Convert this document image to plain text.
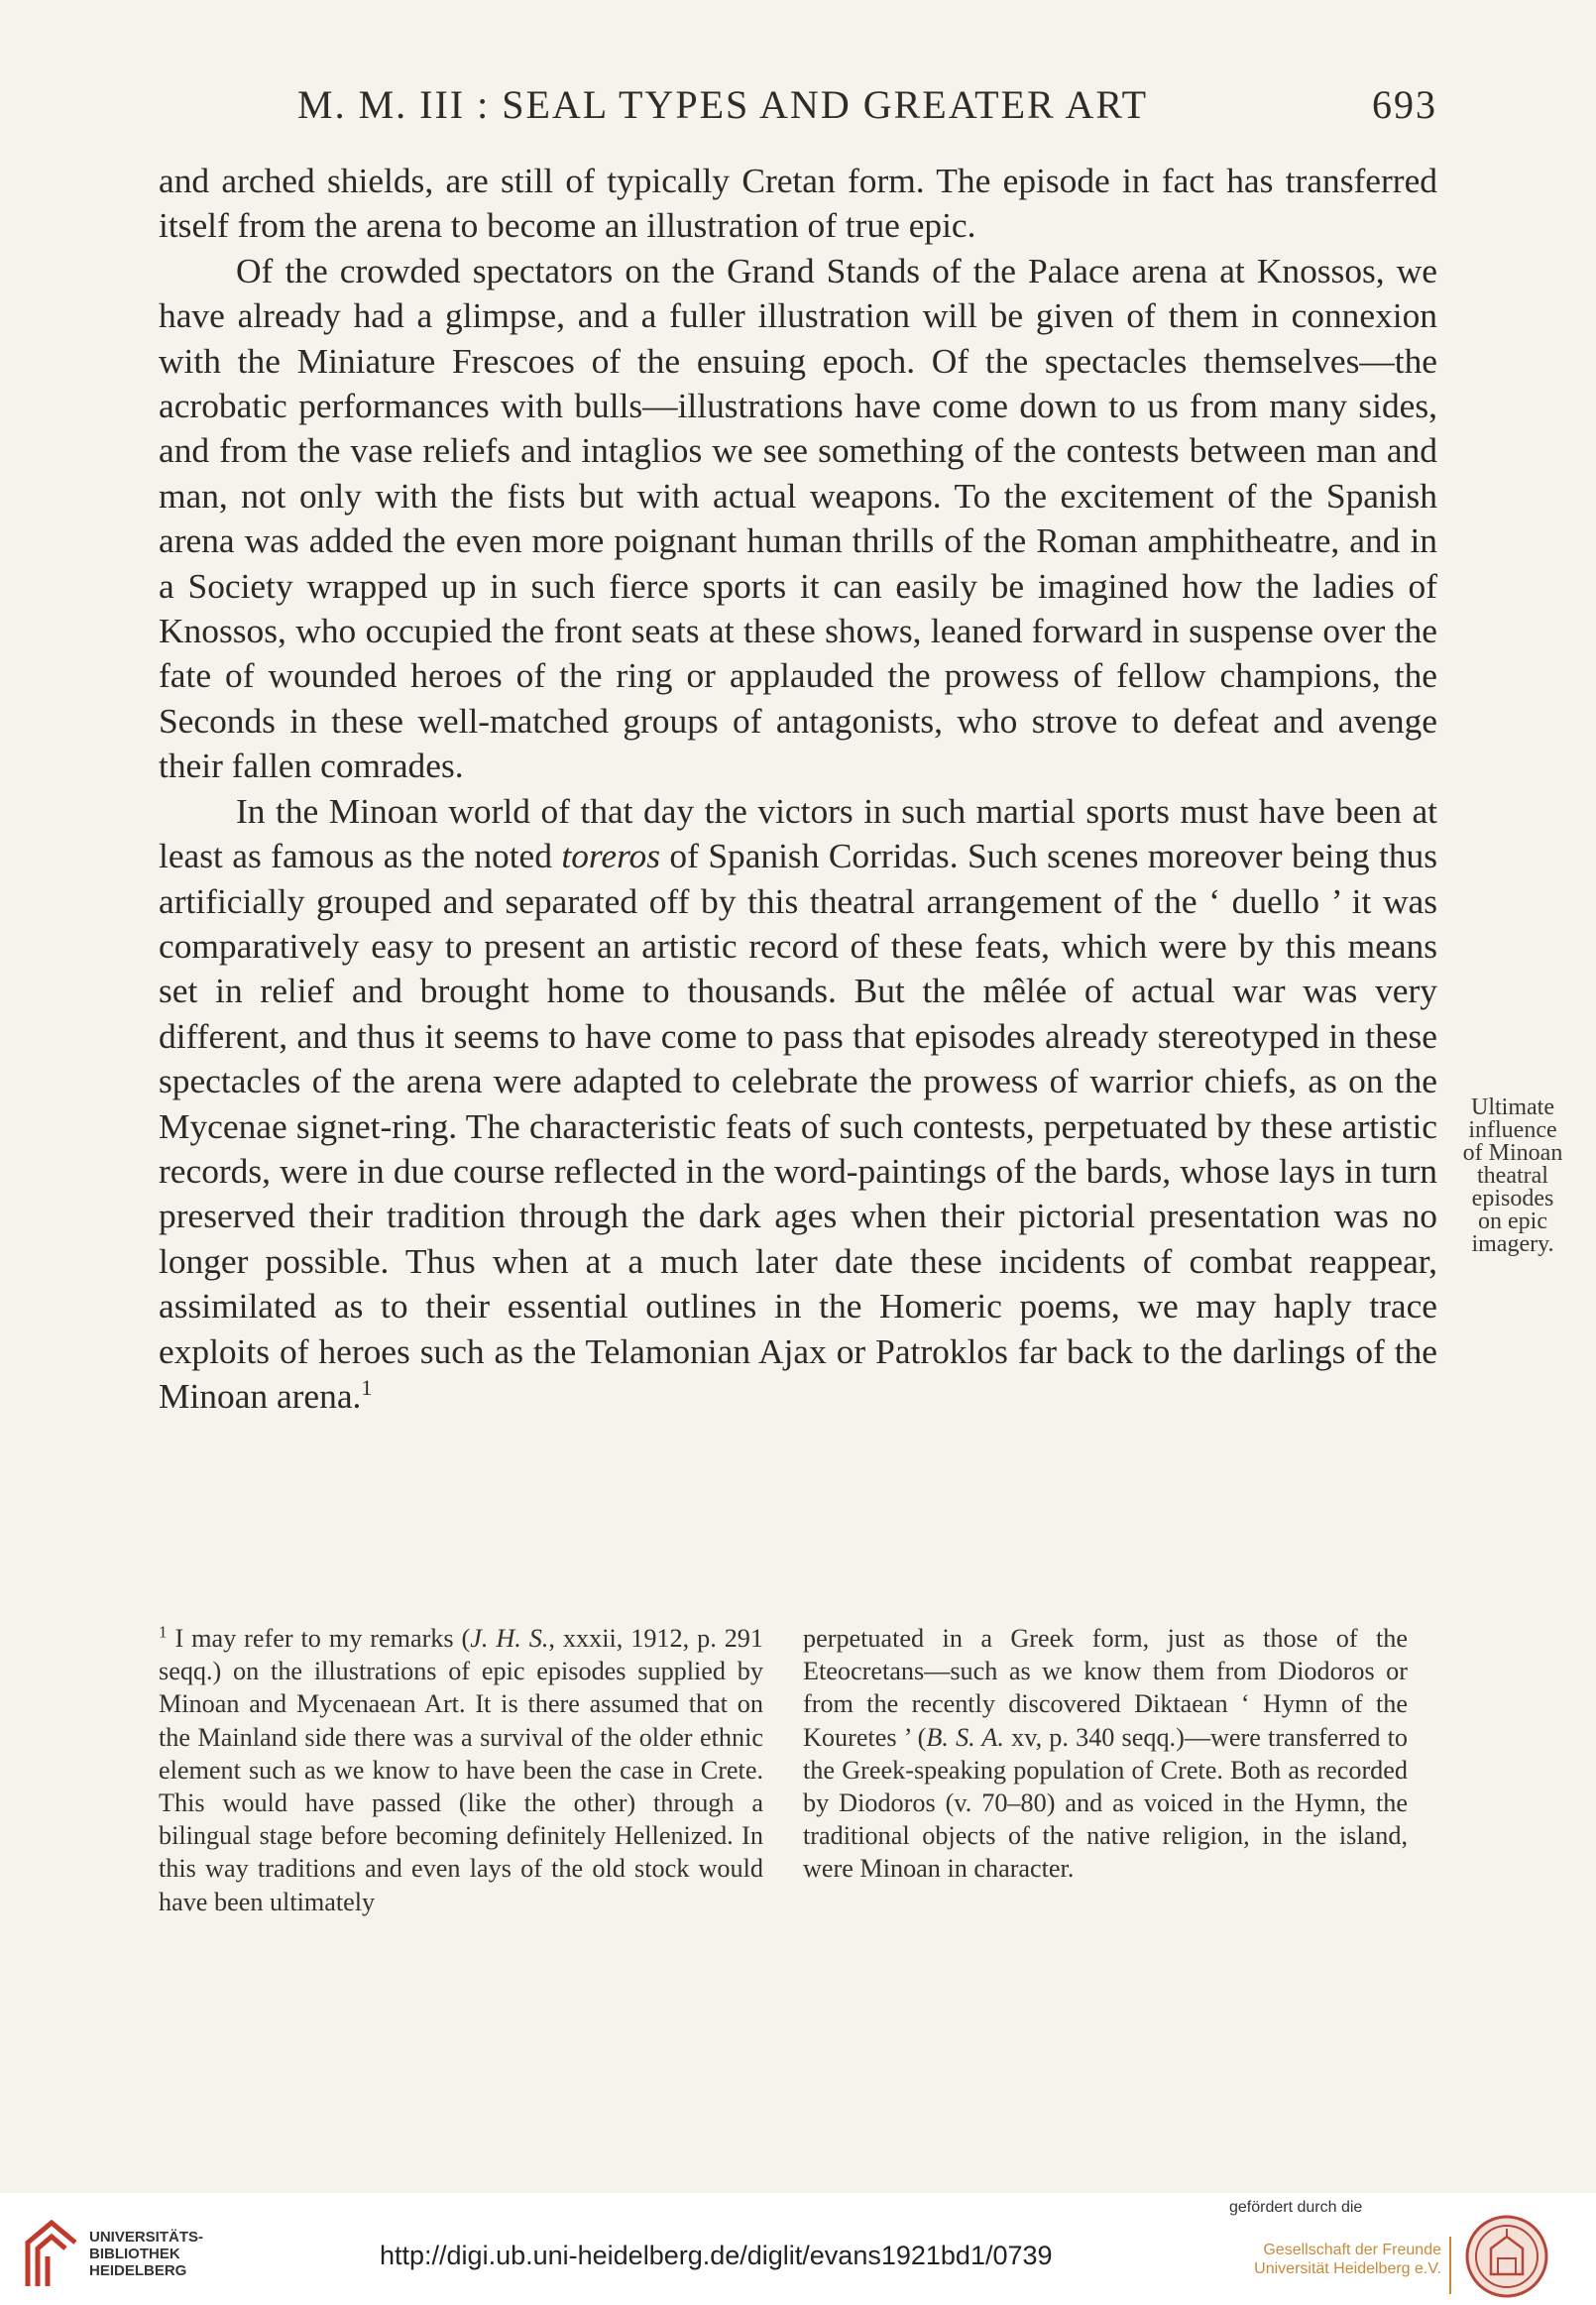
M. M. III : SEAL TYPES AND GREATER ART	693

and arched shields, are still of typically Cretan form. The episode in fact has transferred itself from the arena to become an illustration of true epic.

Of the crowded spectators on the Grand Stands of the Palace arena at Knossos, we have already had a glimpse, and a fuller illustration will be given of them in connexion with the Miniature Frescoes of the ensuing epoch. Of the spectacles themselves—the acrobatic performances with bulls—illustrations have come down to us from many sides, and from the vase reliefs and intaglios we see something of the contests between man and man, not only with the fists but with actual weapons. To the excitement of the Spanish arena was added the even more poignant human thrills of the Roman amphitheatre, and in a Society wrapped up in such fierce sports it can easily be imagined how the ladies of Knossos, who occupied the front seats at these shows, leaned forward in suspense over the fate of wounded heroes of the ring or applauded the prowess of fellow champions, the Seconds in these well-matched groups of antagonists, who strove to defeat and avenge their fallen comrades.

In the Minoan world of that day the victors in such martial sports must have been at least as famous as the noted toreros of Spanish Corridas. Such scenes moreover being thus artificially grouped and separated off by this theatral arrangement of the ‘ duello ’ it was comparatively easy to present an artistic record of these feats, which were by this means set in relief and brought home to thousands. But the mêlée of actual war was very different, and thus it seems to have come to pass that episodes already stereotyped in these spectacles of the arena were adapted to celebrate the prowess of warrior chiefs, as on the Mycenae signet-ring. The characteristic feats of such contests, perpetuated by these artistic records, were in due course reflected in the word-paintings of the bards, whose lays in turn preserved their tradition through the dark ages when their pictorial presentation was no longer possible. Thus when at a much later date these incidents of combat reappear, assimilated as to their essential outlines in the Homeric poems, we may haply trace exploits of heroes such as the Telamonian Ajax or Patroklos far back to the darlings of the Minoan arena.$^1$

Ultimate
influence
of Minoan
theatral
episodes
on epic
imagery.

$^1$ I may refer to my remarks (J. H. S., xxxii, 1912, p. 291 seqq.) on the illustrations of epic episodes supplied by Minoan and Mycenaean Art. It is there assumed that on the Mainland side there was a survival of the older ethnic element such as we know to have been the case in Crete. This would have passed (like the other) through a bilingual stage before becoming definitely Hellenized. In this way traditions and even lays of the old stock would have been ultimately

perpetuated in a Greek form, just as those of the Eteocretans—such as we know them from Diodoros or from the recently discovered Diktaean ‘ Hymn of the Kouretes ’ (B. S. A. xv, p. 340 seqq.)—were transferred to the Greek-speaking population of Crete. Both as recorded by Diodoros (v. 70–80) and as voiced in the Hymn, the traditional objects of the native religion, in the island, were Minoan in character.

UNIVERSITÄTS-
BIBLIOTHEK
HEIDELBERG
http://digi.ub.uni-heidelberg.de/diglit/evans1921bd1/0739
gefördert durch die
Gesellschaft der Freunde
Universität Heidelberg e.V.
